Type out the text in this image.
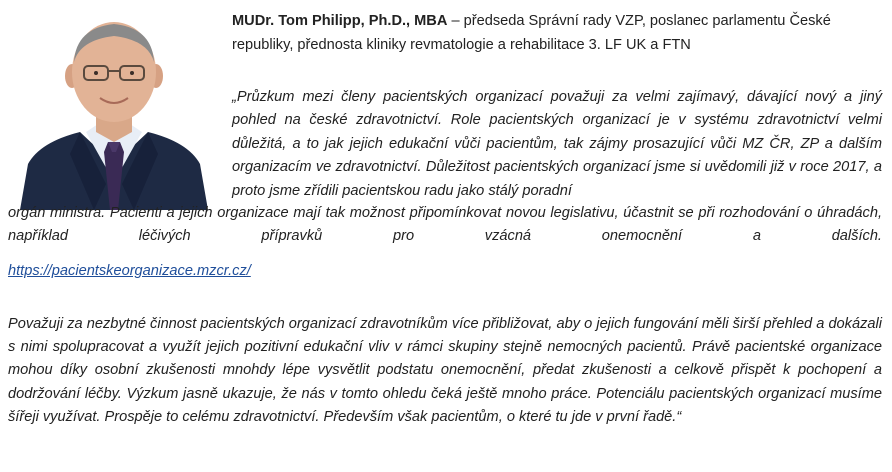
MUDr. Tom Philipp, Ph.D., MBA – předseda Správní rady VZP, poslanec parlamentu České republiky, přednosta kliniky revmatologie a rehabilitace 3. LF UK a FTN
„Průzkum mezi členy pacientských organizací považuji za velmi zajímavý, dávající nový a jiný pohled na české zdravotnictví. Role pacientských organizací je v systému zdravotnictví velmi důležitá, a to jak jejich edukační vůči pacientům, tak zájmy prosazující vůči MZ ČR, ZP a dalším organizacím ve zdravotnictví. Důležitost pacientských organizací jsme si uvědomili již v roce 2017, a proto jsme zřídili pacientskou radu jako stálý poradní
orgán ministra. Pacienti a jejich organizace mají tak možnost připomínkovat novou legislativu, účastnit se při rozhodování o úhradách, například léčivých přípravků pro vzácná onemocnění a dalších.
https://pacientskeorganizace.mzcr.cz/
Považuji za nezbytné činnost pacientských organizací zdravotníkům více přibližovat, aby o jejich fungování měli širší přehled a dokázali s nimi spolupracovat a využít jejich pozitivní edukační vliv v rámci skupiny stejně nemocných pacientů. Právě pacientské organizace mohou díky osobní zkušenosti mnohdy lépe vysvětlit podstatu onemocnění, předat zkušenosti a celkově přispět k pochopení a dodržování léčby. Výzkum jasně ukazuje, že nás v tomto ohledu čeká ještě mnoho práce. Potenciálu pacientských organizací musíme šířeji využívat. Prospěje to celému zdravotnictví. Především však pacientům, o které tu jde v první řadě.“
